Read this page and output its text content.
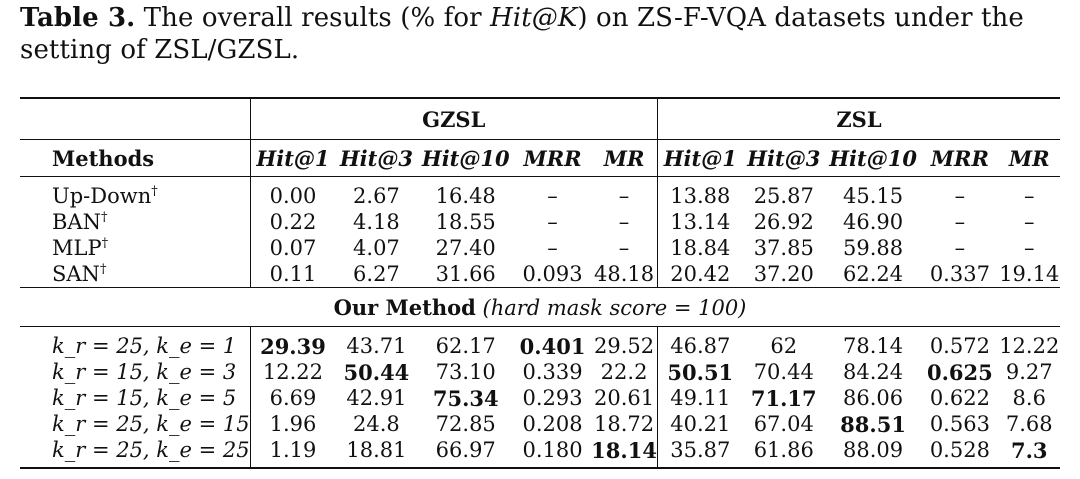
Table 3. The overall results (% for Hit@K) on ZS-F-VQA datasets under the setting of ZSL/GZSL.
	GZSL					ZSL				
Methods	Hit@1	Hit@3	Hit@10	MRR	MR	Hit@1	Hit@3	Hit@10	MRR	MR
Up-Down†	0.00	2.67	16.48	–	–	13.88	25.87	45.15	–	–
BAN†	0.22	4.18	18.55	–	–	13.14	26.92	46.90	–	–
MLP†	0.07	4.07	27.40	–	–	18.84	37.85	59.88	–	–
SAN†	0.11	6.27	31.66	0.093	48.18	20.42	37.20	62.24	0.337	19.14
Our Method (hard mask score = 100)										
k_r = 25, k_e = 1	29.39	43.71	62.17	0.401	29.52	46.87	62	78.14	0.572	12.22
k_r = 15, k_e = 3	12.22	50.44	73.10	0.339	22.2	50.51	70.44	84.24	0.625	9.27
k_r = 15, k_e = 5	6.69	42.91	75.34	0.293	20.61	49.11	71.17	86.06	0.622	8.6
k_r = 25, k_e = 15	1.96	24.8	72.85	0.208	18.72	40.21	67.04	88.51	0.563	7.68
k_r = 25, k_e = 25	1.19	18.81	66.97	0.180	18.14	35.87	61.86	88.09	0.528	7.3
